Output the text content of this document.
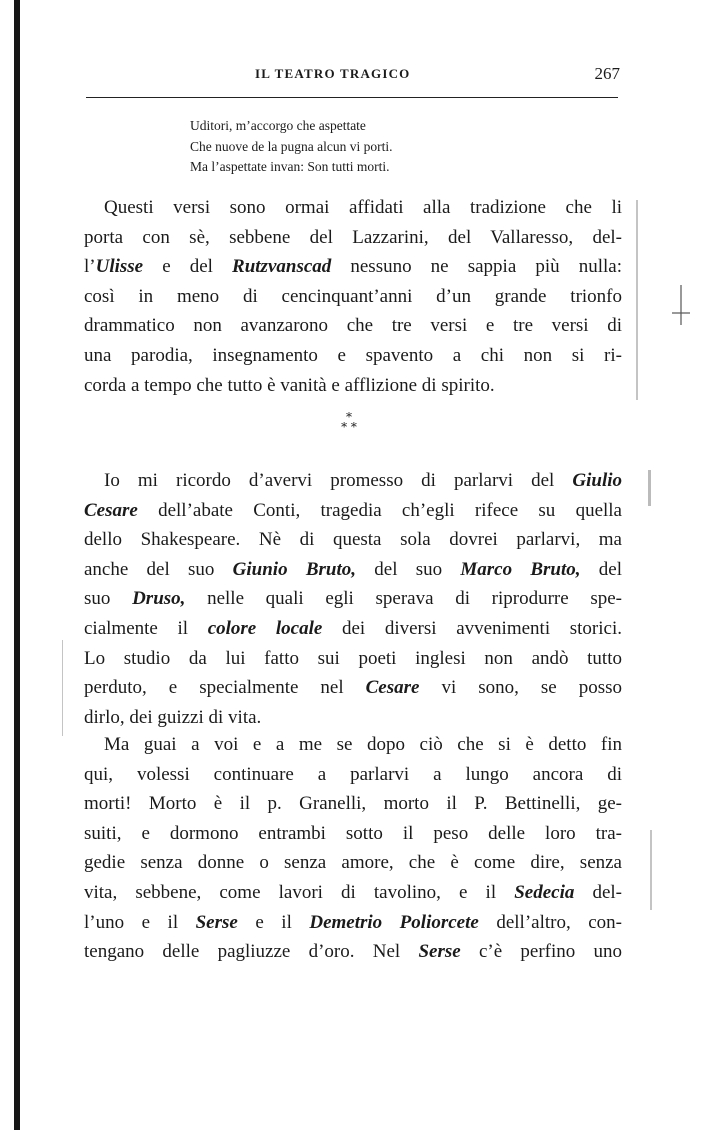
IL TEATRO TRAGICO	267
Uditori, m’accorgo che aspettate
Che nuove de la pugna alcun vi porti.
Ma l’aspettate invan: Son tutti morti.
Questi versi sono ormai affidati alla tradizione che li
porta con sè, sebbene del Lazzarini, del Vallaresso, del-
l’Ulisse e del Rutzvanscad nessuno ne sappia più nulla:
così in meno di cencinquant’anni d’un grande trionfo
drammatico non avanzarono che tre versi e tre versi di
una parodia, insegnamento e spavento a chi non si ri-
corda a tempo che tutto è vanità e afflizione di spirito.
*
* *
Io mi ricordo d’avervi promesso di parlarvi del Giulio
Cesare dell’abate Conti, tragedia ch’egli rifece su quella
dello Shakespeare. Nè di questa sola dovrei parlarvi, ma
anche del suo Giunio Bruto, del suo Marco Bruto, del
suo Druso, nelle quali egli sperava di riprodurre spe-
cialmente il colore locale dei diversi avvenimenti storici.
Lo studio da lui fatto sui poeti inglesi non andò tutto
perduto, e specialmente nel Cesare vi sono, se posso
dirlo, dei guizzi di vita.
Ma guai a voi e a me se dopo ciò che si è detto fin
qui, volessi continuare a parlarvi a lungo ancora di
morti! Morto è il p. Granelli, morto il P. Bettinelli, ge-
suiti, e dormono entrambi sotto il peso delle loro tra-
gedie senza donne o senza amore, che è come dire, senza
vita, sebbene, come lavori di tavolino, e il Sedecia del-
l’uno e il Serse e il Demetrio Poliorcete dell’altro, con-
tengano delle pagliuzze d’oro. Nel Serse c’è perfino uno
